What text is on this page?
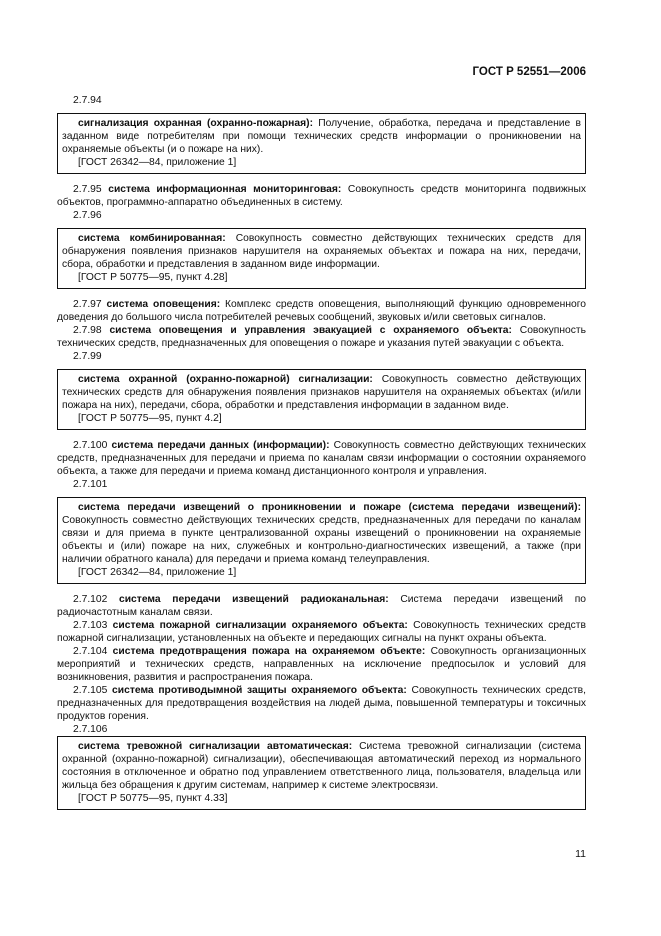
ГОСТ Р 52551—2006

2.7.94

сигнализация охранная (охранно-пожарная): Получение, обработка, передача и представление в заданном виде потребителям при помощи технических средств информации о проникновении на охраняемые объекты (и о пожаре на них).

[ГОСТ 26342—84, приложение 1]

2.7.95 система информационная мониторинговая: Совокупность средств мониторинга подвижных объектов, программно-аппаратно объединенных в систему.

2.7.96

система комбинированная: Совокупность совместно действующих технических средств для обнаружения появления признаков нарушителя на охраняемых объектах и пожара на них, передачи, сбора, обработки и представления в заданном виде информации.

[ГОСТ Р 50775—95, пункт 4.28]

2.7.97 система оповещения: Комплекс средств оповещения, выполняющий функцию одновременного доведения до большого числа потребителей речевых сообщений, звуковых и/или световых сигналов.

2.7.98 система оповещения и управления эвакуацией с охраняемого объекта: Совокупность технических средств, предназначенных для оповещения о пожаре и указания путей эвакуации с объекта.

2.7.99

система охранной (охранно-пожарной) сигнализации: Совокупность совместно действующих технических средств для обнаружения появления признаков нарушителя на охраняемых объектах (и/или пожара на них), передачи, сбора, обработки и представления информации в заданном виде.

[ГОСТ Р 50775—95, пункт 4.2]

2.7.100 система передачи данных (информации): Совокупность совместно действующих технических средств, предназначенных для передачи и приема по каналам связи информации о состоянии охраняемого объекта, а также для передачи и приема команд дистанционного контроля и управления.

2.7.101

система передачи извещений о проникновении и пожаре (система передачи извещений): Совокупность совместно действующих технических средств, предназначенных для передачи по каналам связи и для приема в пункте централизованной охраны извещений о проникновении на охраняемые объекты и (или) пожаре на них, служебных и контрольно-диагностических извещений, а также (при наличии обратного канала) для передачи и приема команд телеуправления.

[ГОСТ 26342—84, приложение 1]

2.7.102 система передачи извещений радиоканальная: Система передачи извещений по радиочастотным каналам связи.

2.7.103 система пожарной сигнализации охраняемого объекта: Совокупность технических средств пожарной сигнализации, установленных на объекте и передающих сигналы на пункт охраны объекта.

2.7.104 система предотвращения пожара на охраняемом объекте: Совокупность организационных мероприятий и технических средств, направленных на исключение предпосылок и условий для возникновения, развития и распространения пожара.

2.7.105 система противодымной защиты охраняемого объекта: Совокупность технических средств, предназначенных для предотвращения воздействия на людей дыма, повышенной температуры и токсичных продуктов горения.

2.7.106

система тревожной сигнализации автоматическая: Система тревожной сигнализации (система охранной (охранно-пожарной) сигнализации), обеспечивающая автоматический переход из нормального состояния в отключенное и обратно под управлением ответственного лица, пользователя, владельца или жильца без обращения к другим системам, например к системе электросвязи.

[ГОСТ Р 50775—95, пункт 4.33]

11
